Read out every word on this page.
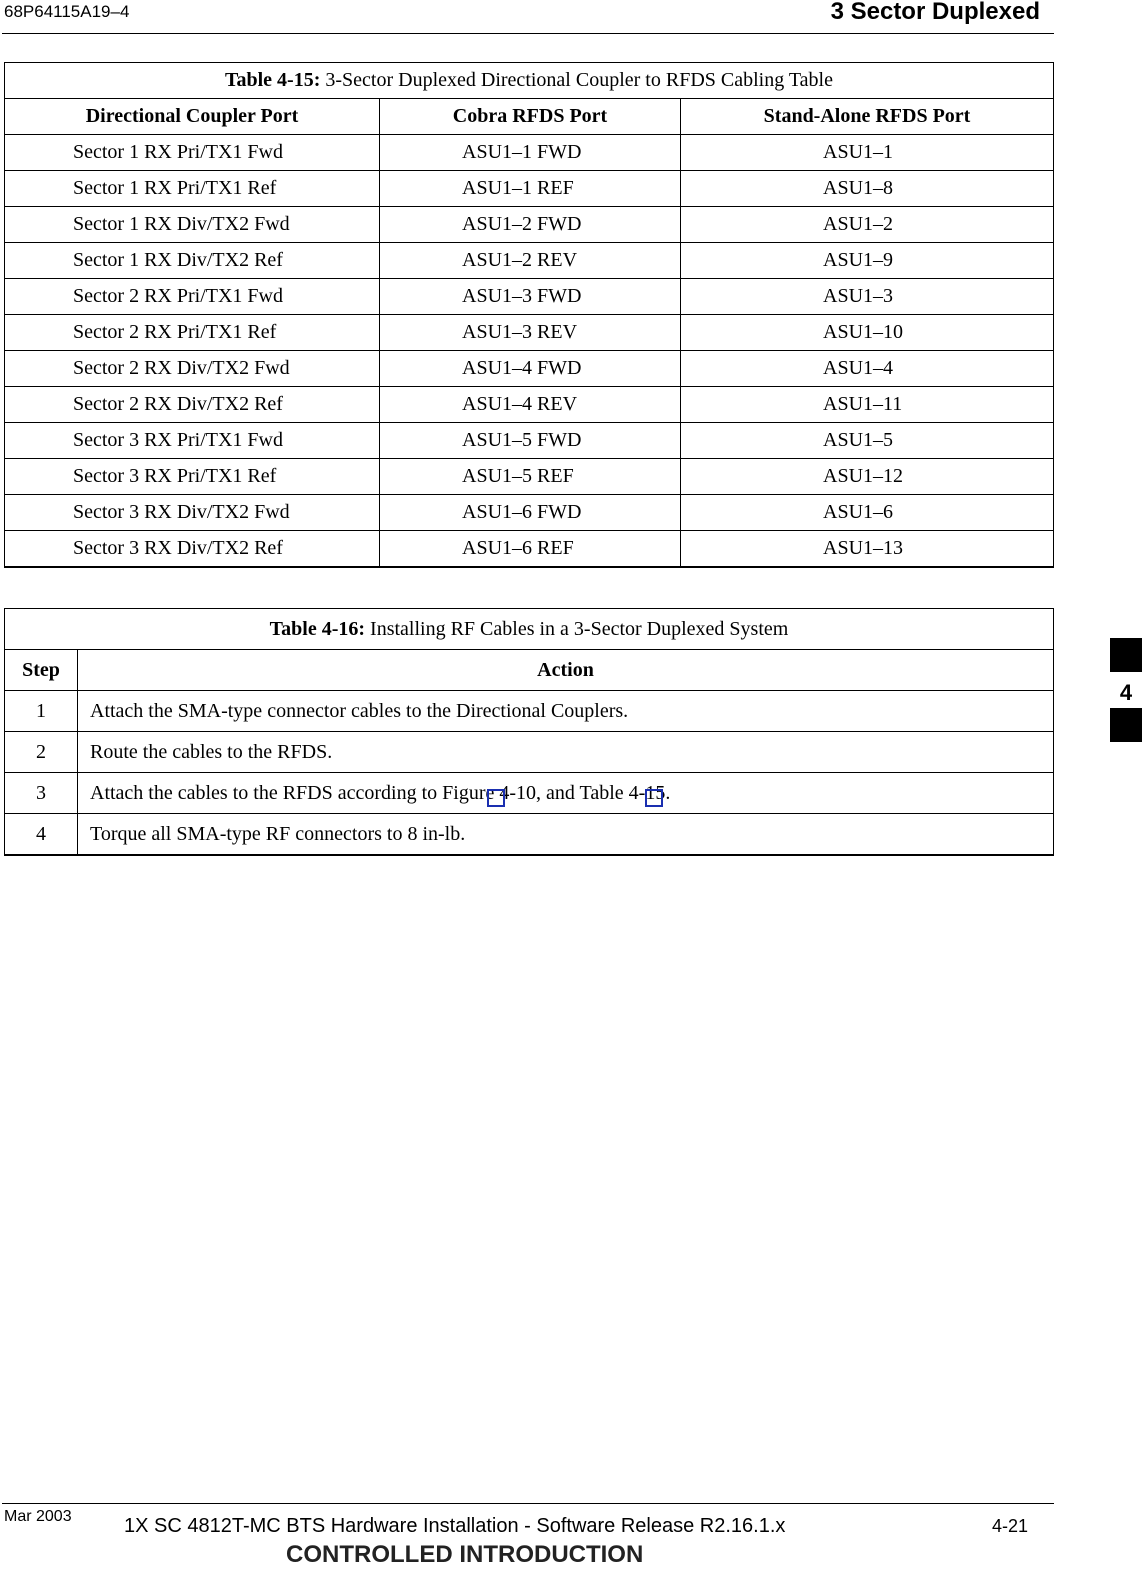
68P64115A19–4	3 Sector Duplexed
Table 4-15: 3-Sector Duplexed Directional Coupler to RFDS Cabling Table
Directional Coupler Port	Cobra RFDS Port	Stand-Alone RFDS Port
Sector 1 RX Pri/TX1 Fwd	ASU1–1 FWD	ASU1–1
Sector 1 RX Pri/TX1 Ref	ASU1–1 REF	ASU1–8
Sector 1 RX Div/TX2 Fwd	ASU1–2 FWD	ASU1–2
Sector 1 RX Div/TX2 Ref	ASU1–2 REV	ASU1–9
Sector 2 RX Pri/TX1 Fwd	ASU1–3 FWD	ASU1–3
Sector 2 RX Pri/TX1 Ref	ASU1–3 REV	ASU1–10
Sector 2 RX Div/TX2 Fwd	ASU1–4 FWD	ASU1–4
Sector 2 RX Div/TX2 Ref	ASU1–4 REV	ASU1–11
Sector 3 RX Pri/TX1 Fwd	ASU1–5 FWD	ASU1–5
Sector 3 RX Pri/TX1 Ref	ASU1–5 REF	ASU1–12
Sector 3 RX Div/TX2 Fwd	ASU1–6 FWD	ASU1–6
Sector 3 RX Div/TX2 Ref	ASU1–6 REF	ASU1–13
Table 4-16: Installing RF Cables in a 3-Sector Duplexed System
Step	Action
1	Attach the SMA-type connector cables to the Directional Couplers.
2	Route the cables to the RFDS.
3	Attach the cables to the RFDS according to Figure 4-10, and Table 4-15.
4	Torque all SMA-type RF connectors to 8 in-lb.
4
Mar 2003	1X SC 4812T-MC BTS Hardware Installation - Software Release R2.16.1.x	4-21
CONTROLLED INTRODUCTION
